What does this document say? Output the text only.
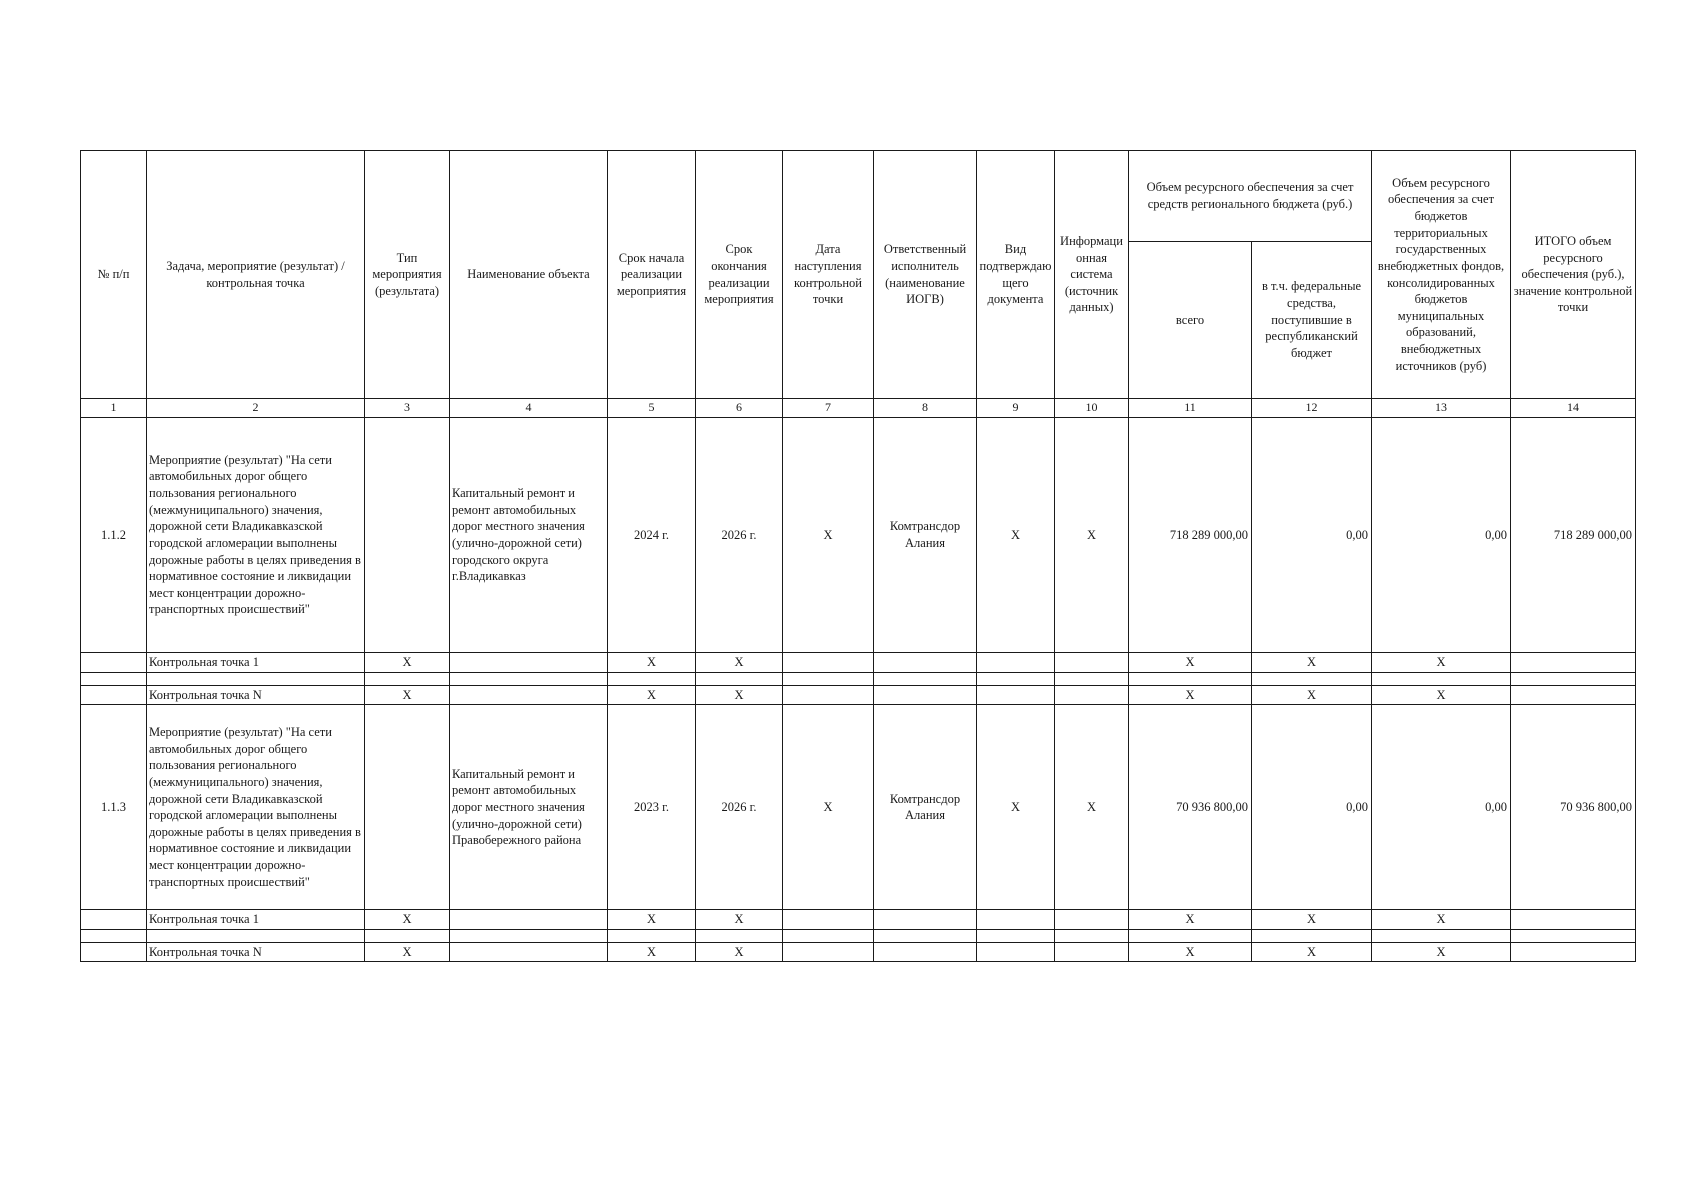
№ п/п	Задача, мероприятие (результат) / контрольная точка	Тип мероприятия (результата)	Наименование объекта	Срок начала реализации мероприятия	Срок окончания реализации мероприятия	Дата наступления контрольной точки	Ответственный исполнитель (наименование ИОГВ)	Вид подтверждающего документа	Информационная система (источник данных)	Объем ресурсного обеспечения за счет средств регионального бюджета (руб.)		Объем ресурсного обеспечения за счет бюджетов территориальных государственных внебюджетных фондов, консолидированных бюджетов муниципальных образований, внебюджетных источников (руб)	ИТОГО объем ресурсного обеспечения (руб.), значение контрольной точки
										всего	в т.ч. федеральные средства, поступившие в республиканский бюджет		
1	2	3	4	5	6	7	8	9	10	11	12	13	14
1.1.2	Мероприятие (результат) "На сети автомобильных дорог общего пользования регионального (межмуниципального) значения, дорожной сети Владикавказской городской агломерации выполнены дорожные работы в целях приведения в нормативное состояние и ликвидации мест концентрации дорожно-транспортных происшествий"		Капитальный ремонт и ремонт автомобильных дорог местного значения (улично-дорожной сети) городского округа г.Владикавказ	2024 г.	2026 г.	X	Комтрансдор Алания	X	X	718 289 000,00	0,00	0,00	718 289 000,00
	Контрольная точка 1	X		X	X					X	X	X	

	Контрольная точка N	X		X	X					X	X	X	
1.1.3	Мероприятие (результат) "На сети автомобильных дорог общего пользования регионального (межмуниципального) значения, дорожной сети Владикавказской городской агломерации выполнены дорожные работы в целях приведения в нормативное состояние и ликвидации мест концентрации дорожно-транспортных происшествий"		Капитальный ремонт и ремонт автомобильных дорог местного значения (улично-дорожной сети) Правобережного района	2023 г.	2026 г.	X	Комтрансдор Алания	X	X	70 936 800,00	0,00	0,00	70 936 800,00
	Контрольная точка 1	X		X	X					X	X	X	

	Контрольная точка N	X		X	X					X	X	X	
